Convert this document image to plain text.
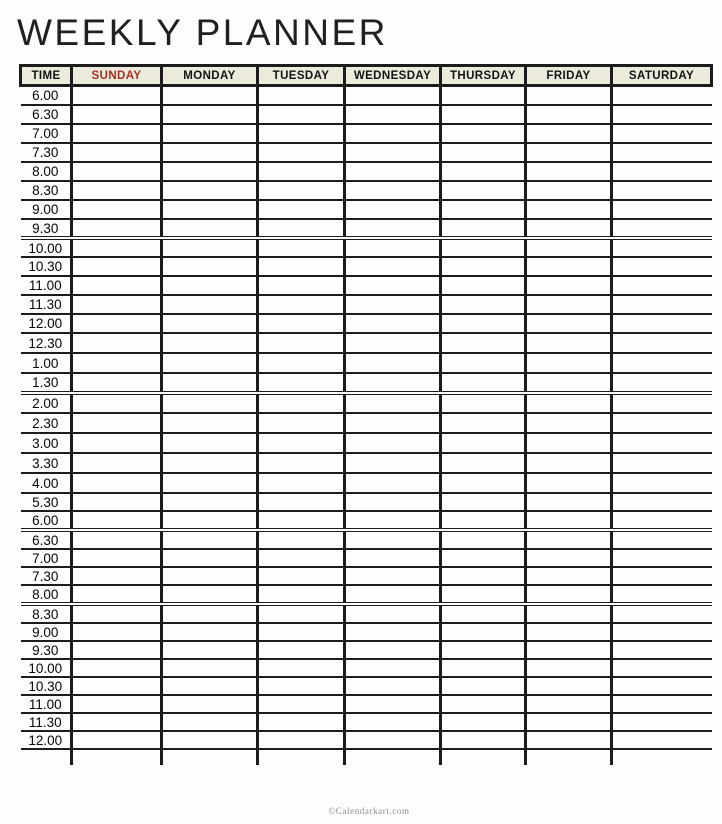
WEEKLY PLANNER
TIME	SUNDAY	MONDAY	TUESDAY	WEDNESDAY	THURSDAY	FRIDAY	SATURDAY
6.00							
6.30							
7.00							
7.30							
8.00							
8.30							
9.00							
9.30							
10.00							
10.30							
11.00							
11.30							
12.00							
12.30							
1.00							
1.30							
2.00							
2.30							
3.00							
3.30							
4.00							
5.30							
6.00							
6.30							
7.00							
7.30							
8.00							
8.30							
9.00							
9.30							
10.00							
10.30							
11.00							
11.30							
12.00							

©Calendarkart.com
